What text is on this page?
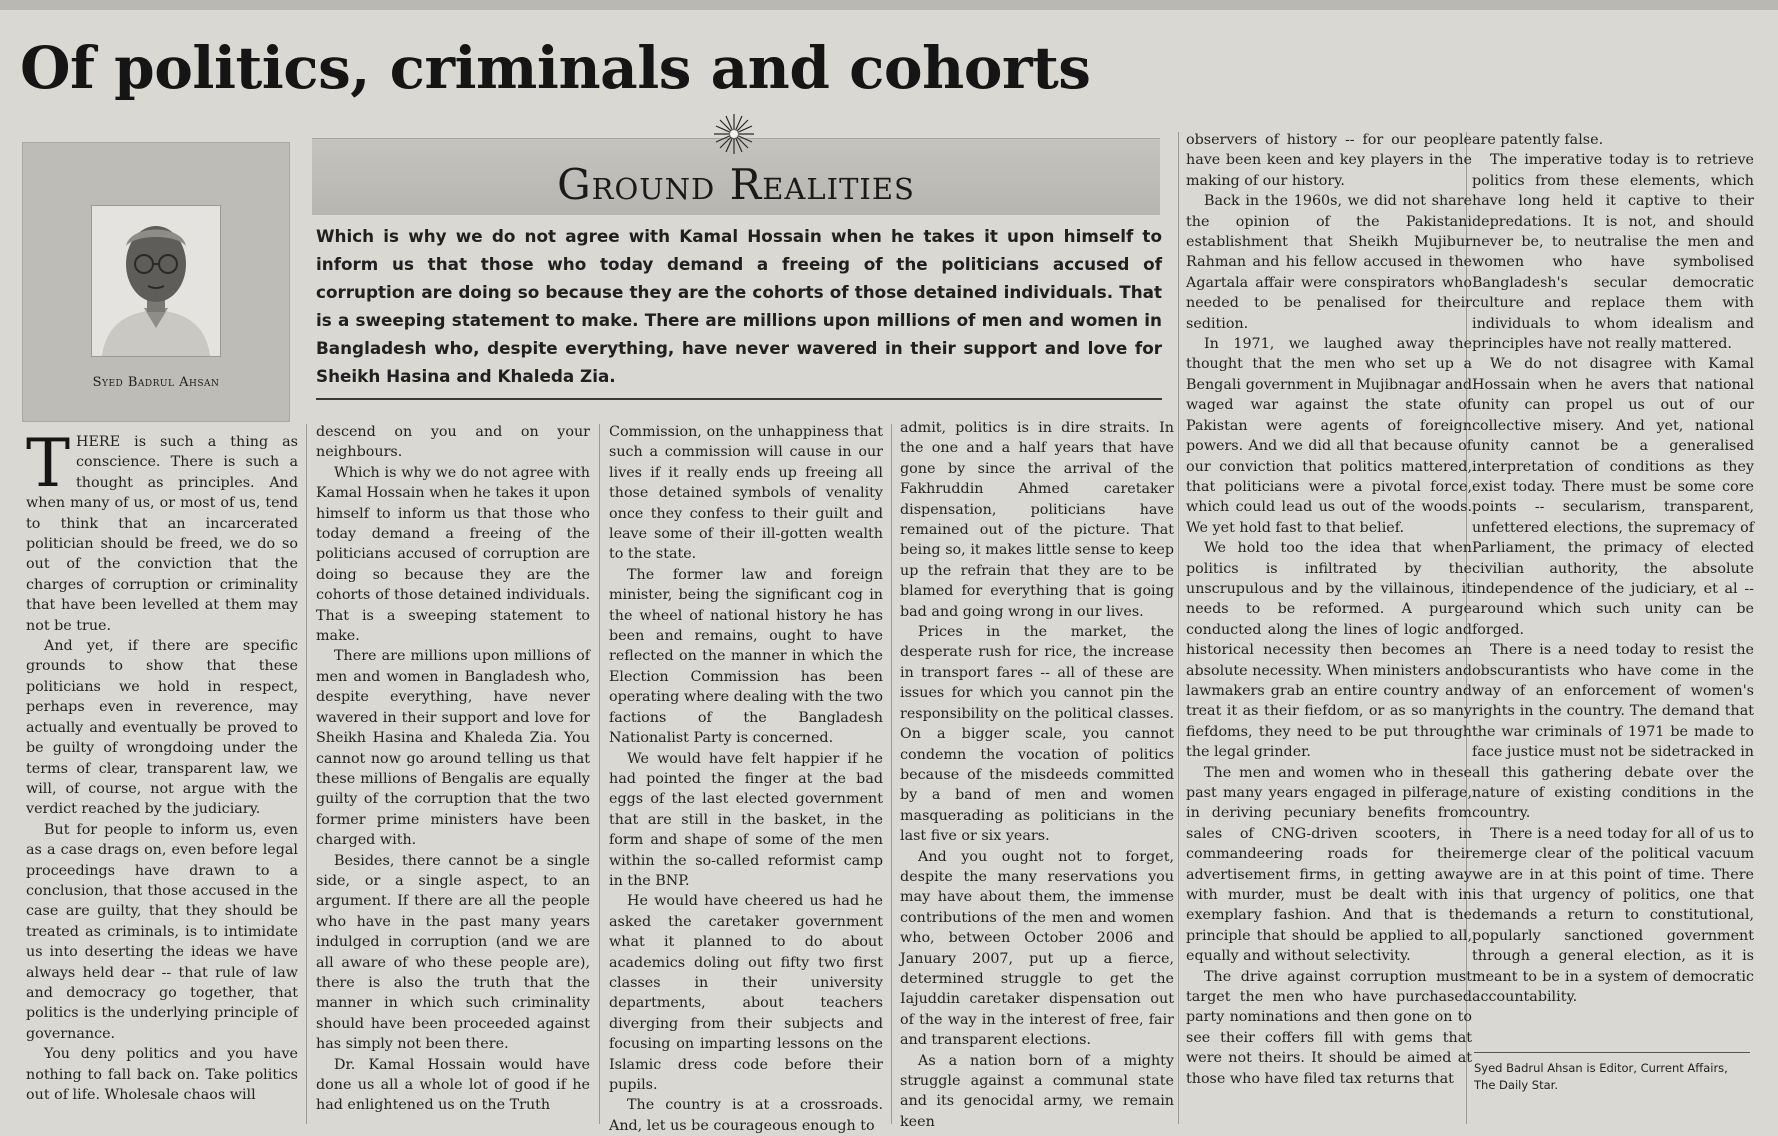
Of politics, criminals and cohorts
Syed Badrul Ahsan
Ground Realities

Which is why we do not agree with Kamal Hossain when he takes it upon himself to inform us that those who today demand a freeing of the politicians accused of corruption are doing so because they are the cohorts of those detained individuals. That is a sweeping statement to make. There are millions upon millions of men and women in Bangladesh who, despite everything, have never wavered in their support and love for Sheikh Hasina and Khaleda Zia.

T HERE is such a thing as conscience. There is such a thought as principles. And when many of us, or most of us, tend to think that an incarcerated politician should be freed, we do so out of the conviction that the charges of corruption or criminality that have been levelled at them may not be true.

And yet, if there are specific grounds to show that these politicians we hold in respect, perhaps even in reverence, may actually and eventually be proved to be guilty of wrongdoing under the terms of clear, transparent law, we will, of course, not argue with the verdict reached by the judiciary.

But for people to inform us, even as a case drags on, even before legal proceedings have drawn to a conclusion, that those accused in the case are guilty, that they should be treated as criminals, is to intimidate us into deserting the ideas we have always held dear -- that rule of law and democracy go together, that politics is the underlying principle of governance.

You deny politics and you have nothing to fall back on. Take politics out of life. Wholesale chaos will

descend on you and on your neighbours.

Which is why we do not agree with Kamal Hossain when he takes it upon himself to inform us that those who today demand a freeing of the politicians accused of corruption are doing so because they are the cohorts of those detained individuals. That is a sweeping statement to make.

There are millions upon millions of men and women in Bangladesh who, despite everything, have never wavered in their support and love for Sheikh Hasina and Khaleda Zia. You cannot now go around telling us that these millions of Bengalis are equally guilty of the corruption that the two former prime ministers have been charged with.

Besides, there cannot be a single side, or a single aspect, to an argument. If there are all the people who have in the past many years indulged in corruption (and we are all aware of who these people are), there is also the truth that the manner in which such criminality should have been proceeded against has simply not been there.

Dr. Kamal Hossain would have done us all a whole lot of good if he had enlightened us on the Truth

Commission, on the unhappiness that such a commission will cause in our lives if it really ends up freeing all those detained symbols of venality once they confess to their guilt and leave some of their ill-gotten wealth to the state.

The former law and foreign minister, being the significant cog in the wheel of national history he has been and remains, ought to have reflected on the manner in which the Election Commission has been operating where dealing with the two factions of the Bangladesh Nationalist Party is concerned.

We would have felt happier if he had pointed the finger at the bad eggs of the last elected government that are still in the basket, in the form and shape of some of the men within the so-called reformist camp in the BNP.

He would have cheered us had he asked the caretaker government what it planned to do about academics doling out fifty two first classes in their university departments, about teachers diverging from their subjects and focusing on imparting lessons on the Islamic dress code before their pupils.

The country is at a crossroads. And, let us be courageous enough to

admit, politics is in dire straits. In the one and a half years that have gone by since the arrival of the Fakhruddin Ahmed caretaker dispensation, politicians have remained out of the picture. That being so, it makes little sense to keep up the refrain that they are to be blamed for everything that is going bad and going wrong in our lives.

Prices in the market, the desperate rush for rice, the increase in transport fares -- all of these are issues for which you cannot pin the responsibility on the political classes. On a bigger scale, you cannot condemn the vocation of politics because of the misdeeds committed by a band of men and women masquerading as politicians in the last five or six years.

And you ought not to forget, despite the many reservations you may have about them, the immense contributions of the men and women who, between October 2006 and January 2007, put up a fierce, determined struggle to get the Iajuddin caretaker dispensation out of the way in the interest of free, fair and transparent elections.

As a nation born of a mighty struggle against a communal state and its genocidal army, we remain keen

observers of history -- for our people have been keen and key players in the making of our history.

Back in the 1960s, we did not share the opinion of the Pakistani establishment that Sheikh Mujibur Rahman and his fellow accused in the Agartala affair were conspirators who needed to be penalised for their sedition.

In 1971, we laughed away the thought that the men who set up a Bengali government in Mujibnagar and waged war against the state of Pakistan were agents of foreign powers. And we did all that because of our conviction that politics mattered, that politicians were a pivotal force, which could lead us out of the woods. We yet hold fast to that belief.

We hold too the idea that when politics is infiltrated by the unscrupulous and by the villainous, it needs to be reformed. A purge conducted along the lines of logic and historical necessity then becomes an absolute necessity. When ministers and lawmakers grab an entire country and treat it as their fiefdom, or as so many fiefdoms, they need to be put through the legal grinder.

The men and women who in these past many years engaged in pilferage, in deriving pecuniary benefits from sales of CNG-driven scooters, in commandeering roads for their advertisement firms, in getting away with murder, must be dealt with in exemplary fashion. And that is the principle that should be applied to all, equally and without selectivity.

The drive against corruption must target the men who have purchased party nominations and then gone on to see their coffers fill with gems that were not theirs. It should be aimed at those who have filed tax returns that

are patently false.

The imperative today is to retrieve politics from these elements, which have long held it captive to their depredations. It is not, and should never be, to neutralise the men and women who have symbolised Bangladesh's secular democratic culture and replace them with individuals to whom idealism and principles have not really mattered.

We do not disagree with Kamal Hossain when he avers that national unity can propel us out of our collective misery. And yet, national unity cannot be a generalised interpretation of conditions as they exist today. There must be some core points -- secularism, transparent, unfettered elections, the supremacy of Parliament, the primacy of elected civilian authority, the absolute independence of the judiciary, et al -- around which such unity can be forged.

There is a need today to resist the obscurantists who have come in the way of an enforcement of women's rights in the country. The demand that the war criminals of 1971 be made to face justice must not be sidetracked in all this gathering debate over the nature of existing conditions in the country.

There is a need today for all of us to emerge clear of the political vacuum we are in at this point of time. There is that urgency of politics, one that demands a return to constitutional, popularly sanctioned government through a general election, as it is meant to be in a system of democratic accountability.

Syed Badrul Ahsan is Editor, Current Affairs, The Daily Star.
